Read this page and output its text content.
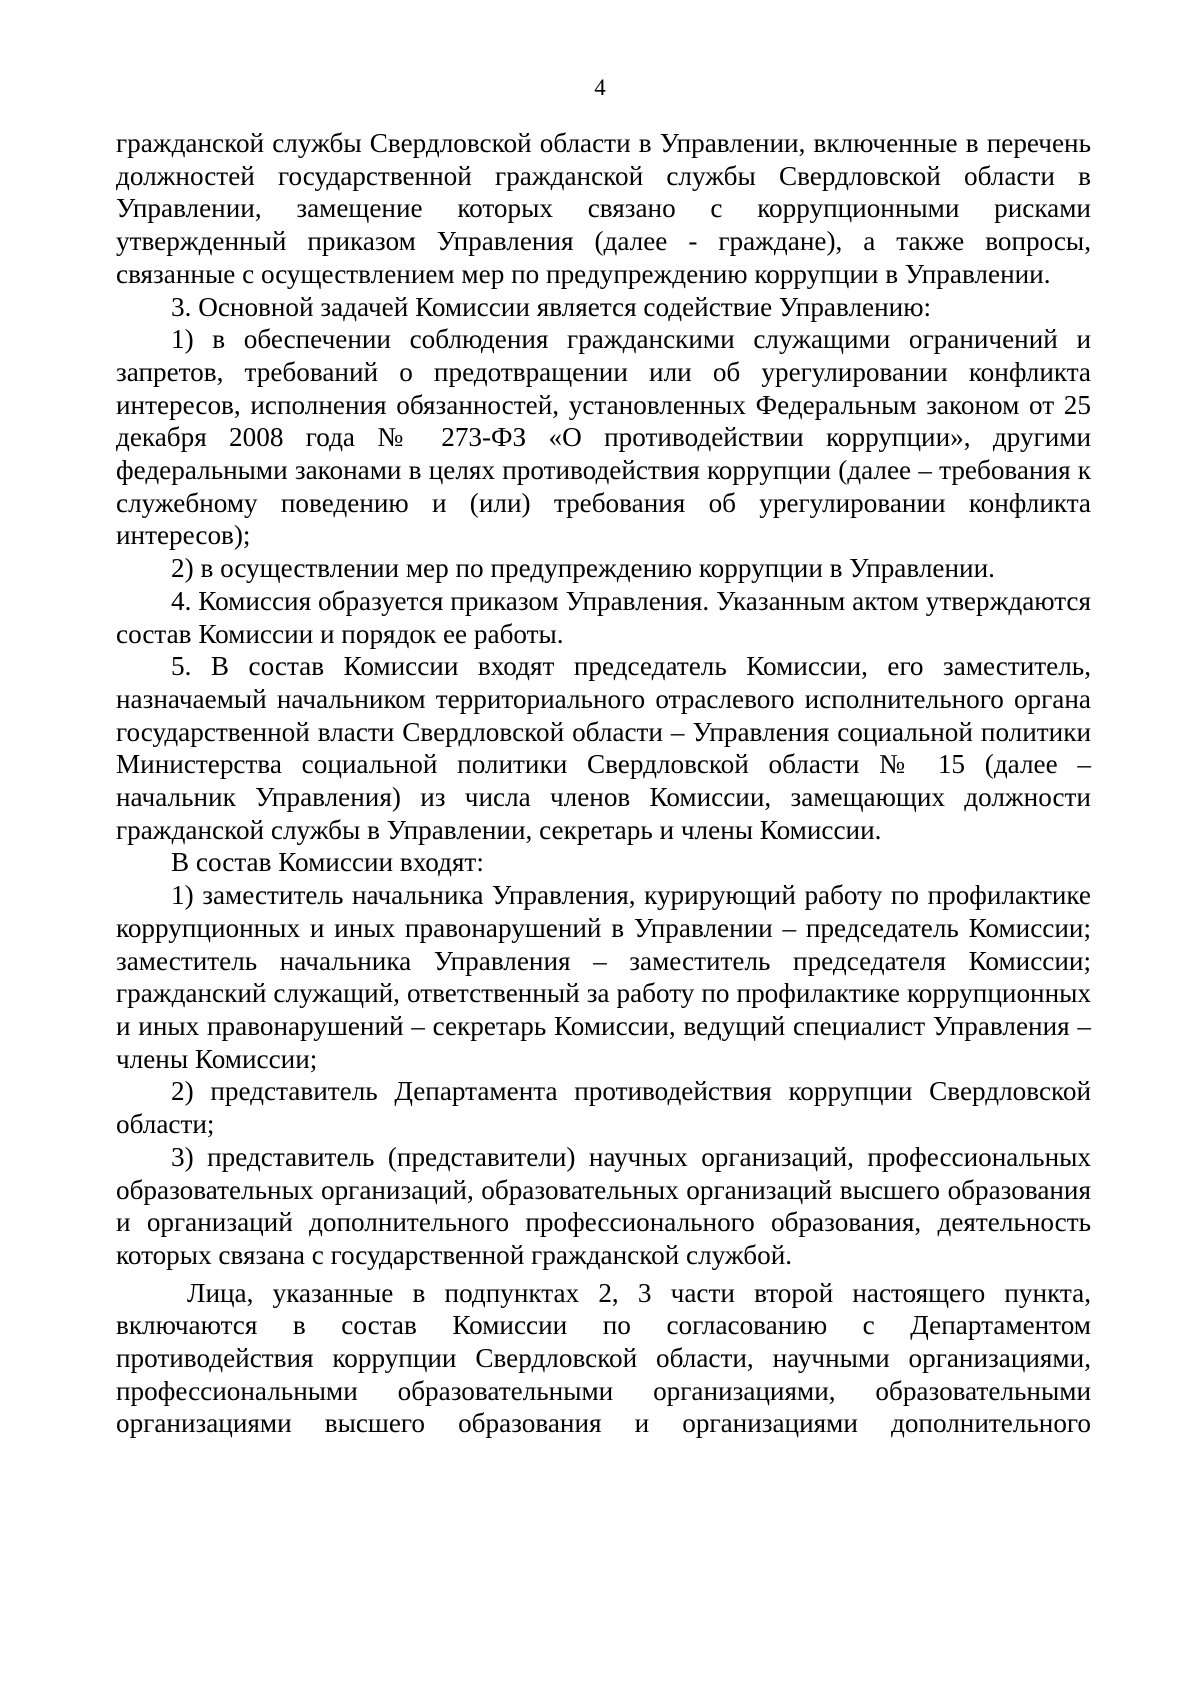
4

гражданской службы Свердловской области в Управлении, включенные в перечень должностей государственной гражданской службы Свердловской области в Управлении, замещение которых связано с коррупционными рисками утвержденный приказом Управления (далее - граждане), а также вопросы, связанные с осуществлением мер по предупреждению коррупции в Управлении.

3. Основной задачей Комиссии является содействие Управлению:

1) в обеспечении соблюдения гражданскими служащими ограничений и запретов, требований о предотвращении или об урегулировании конфликта интересов, исполнения обязанностей, установленных Федеральным законом от 25 декабря 2008 года № 273-ФЗ «О противодействии коррупции», другими федеральными законами в целях противодействия коррупции (далее – требования к служебному поведению и (или) требования об урегулировании конфликта интересов);

2) в осуществлении мер по предупреждению коррупции в Управлении.

4. Комиссия образуется приказом Управления. Указанным актом утверждаются состав Комиссии и порядок ее работы.

5. В состав Комиссии входят председатель Комиссии, его заместитель, назначаемый начальником территориального отраслевого исполнительного органа государственной власти Свердловской области – Управления социальной политики Министерства социальной политики Свердловской области № 15 (далее – начальник Управления) из числа членов Комиссии, замещающих должности гражданской службы в Управлении, секретарь и члены Комиссии.

В состав Комиссии входят:

1) заместитель начальника Управления, курирующий работу по профилактике коррупционных и иных правонарушений в Управлении – председатель Комиссии; заместитель начальника Управления – заместитель председателя Комиссии; гражданский служащий, ответственный за работу по профилактике коррупционных и иных правонарушений – секретарь Комиссии, ведущий специалист Управления – члены Комиссии;

2) представитель Департамента противодействия коррупции Свердловской области;

3) представитель (представители) научных организаций, профессиональных образовательных организаций, образовательных организаций высшего образования и организаций дополнительного профессионального образования, деятельность которых связана с государственной гражданской службой.

Лица, указанные в подпунктах 2, 3 части второй настоящего пункта, включаются в состав Комиссии по согласованию с Департаментом противодействия коррупции Свердловской области, научными организациями, профессиональными образовательными организациями, образовательными организациями высшего образования и организациями дополнительного
